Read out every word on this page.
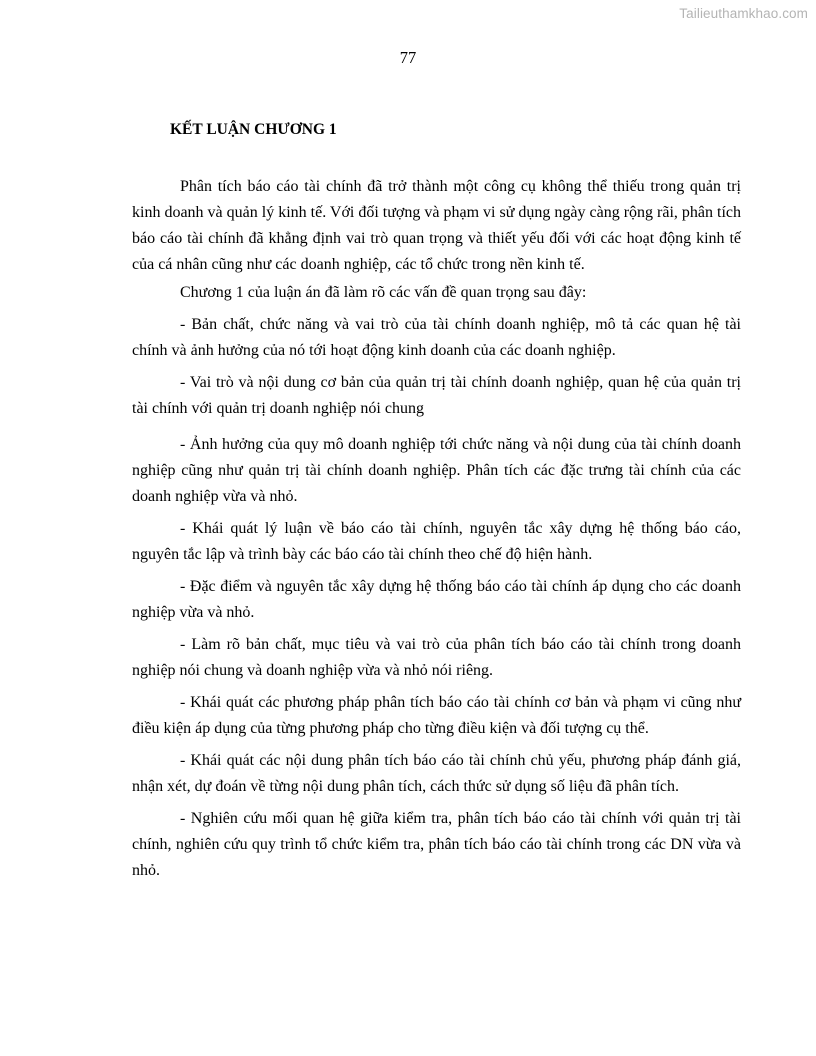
Tailieuthamkhao.com
77
KẾT LUẬN CHƯƠNG 1

Phân tích báo cáo tài chính đã trở thành một công cụ không thể thiếu trong quản trị kinh doanh và quản lý kinh tế. Với đối tượng và phạm vi sử dụng ngày càng rộng rãi, phân tích báo cáo tài chính đã khẳng định vai trò quan trọng và thiết yếu đối với các hoạt động kinh tế của cá nhân cũng như các doanh nghiệp, các tổ chức trong nền kinh tế.

Chương 1 của luận án đã làm rõ các vấn đề quan trọng sau đây:

- Bản chất, chức năng và vai trò của tài chính doanh nghiệp, mô tả các quan hệ tài chính và ảnh hưởng của nó tới hoạt động kinh doanh của các doanh nghiệp.

- Vai trò và nội dung cơ bản của quản trị tài chính doanh nghiệp, quan hệ của quản trị tài chính với quản trị doanh nghiệp nói chung

- Ảnh hưởng của quy mô doanh nghiệp tới chức năng và nội dung của tài chính doanh nghiệp cũng như quản trị tài chính doanh nghiệp. Phân tích các đặc trưng tài chính của các doanh nghiệp vừa và nhỏ.

- Khái quát lý luận về báo cáo tài chính, nguyên tắc xây dựng hệ thống báo cáo, nguyên tắc lập và trình bày các báo cáo tài chính theo chế độ hiện hành.

- Đặc điểm và nguyên tắc xây dựng hệ thống báo cáo tài chính áp dụng cho các doanh nghiệp vừa và nhỏ.

- Làm rõ bản chất, mục tiêu và vai trò của phân tích báo cáo tài chính trong doanh nghiệp nói chung và doanh nghiệp vừa và nhỏ nói riêng.

- Khái quát các phương pháp phân tích báo cáo tài chính cơ bản và phạm vi cũng như điều kiện áp dụng của từng phương pháp cho từng điều kiện và đối tượng cụ thể.

- Khái quát các nội dung phân tích báo cáo tài chính chủ yếu, phương pháp đánh giá, nhận xét, dự đoán về từng nội dung phân tích, cách thức sử dụng số liệu đã phân tích.

- Nghiên cứu mối quan hệ giữa kiểm tra, phân tích báo cáo tài chính với quản trị tài chính, nghiên cứu quy trình tổ chức kiểm tra, phân tích báo cáo tài chính trong các DN vừa và nhỏ.
